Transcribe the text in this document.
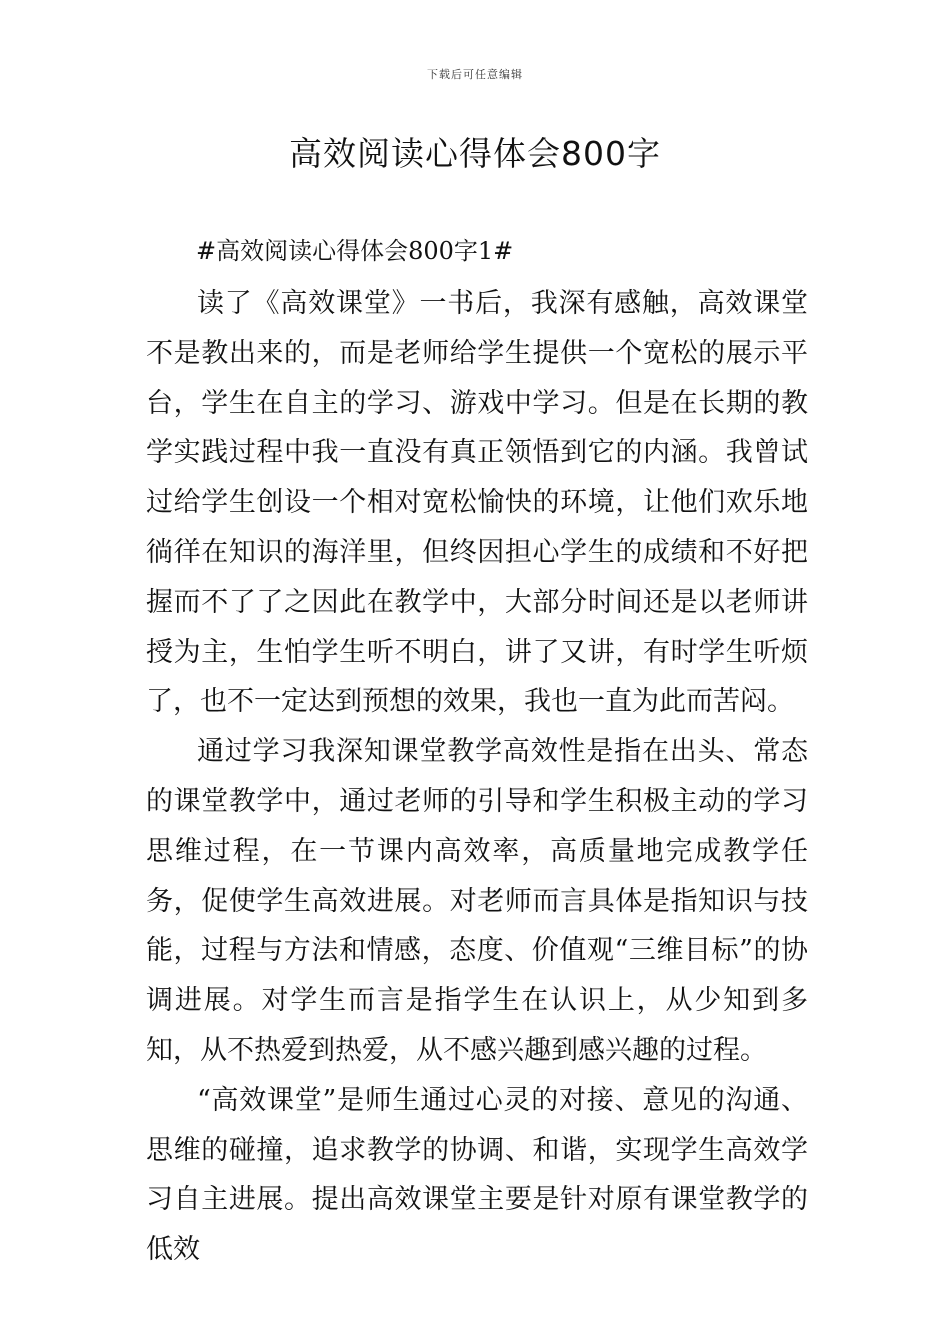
下载后可任意编辑
高效阅读心得体会800字
#高效阅读心得体会800字1#

读了《高效课堂》一书后，我深有感触，高效课堂不是教出来的，而是老师给学生提供一个宽松的展示平台，学生在自主的学习、游戏中学习。但是在长期的教学实践过程中我一直没有真正领悟到它的内涵。我曾试过给学生创设一个相对宽松愉快的环境，让他们欢乐地徜徉在知识的海洋里，但终因担心学生的成绩和不好把握而不了了之因此在教学中，大部分时间还是以老师讲授为主，生怕学生听不明白，讲了又讲，有时学生听烦了，也不一定达到预想的效果，我也一直为此而苦闷。

通过学习我深知课堂教学高效性是指在出头、常态的课堂教学中，通过老师的引导和学生积极主动的学习思维过程，在一节课内高效率，高质量地完成教学任务，促使学生高效进展。对老师而言具体是指知识与技能，过程与方法和情感，态度、价值观“三维目标”的协调进展。对学生而言是指学生在认识上，从少知到多知，从不热爱到热爱，从不感兴趣到感兴趣的过程。

“高效课堂”是师生通过心灵的对接、意见的沟通、思维的碰撞，追求教学的协调、和谐，实现学生高效学习自主进展。提出高效课堂主要是针对原有课堂教学的低效
